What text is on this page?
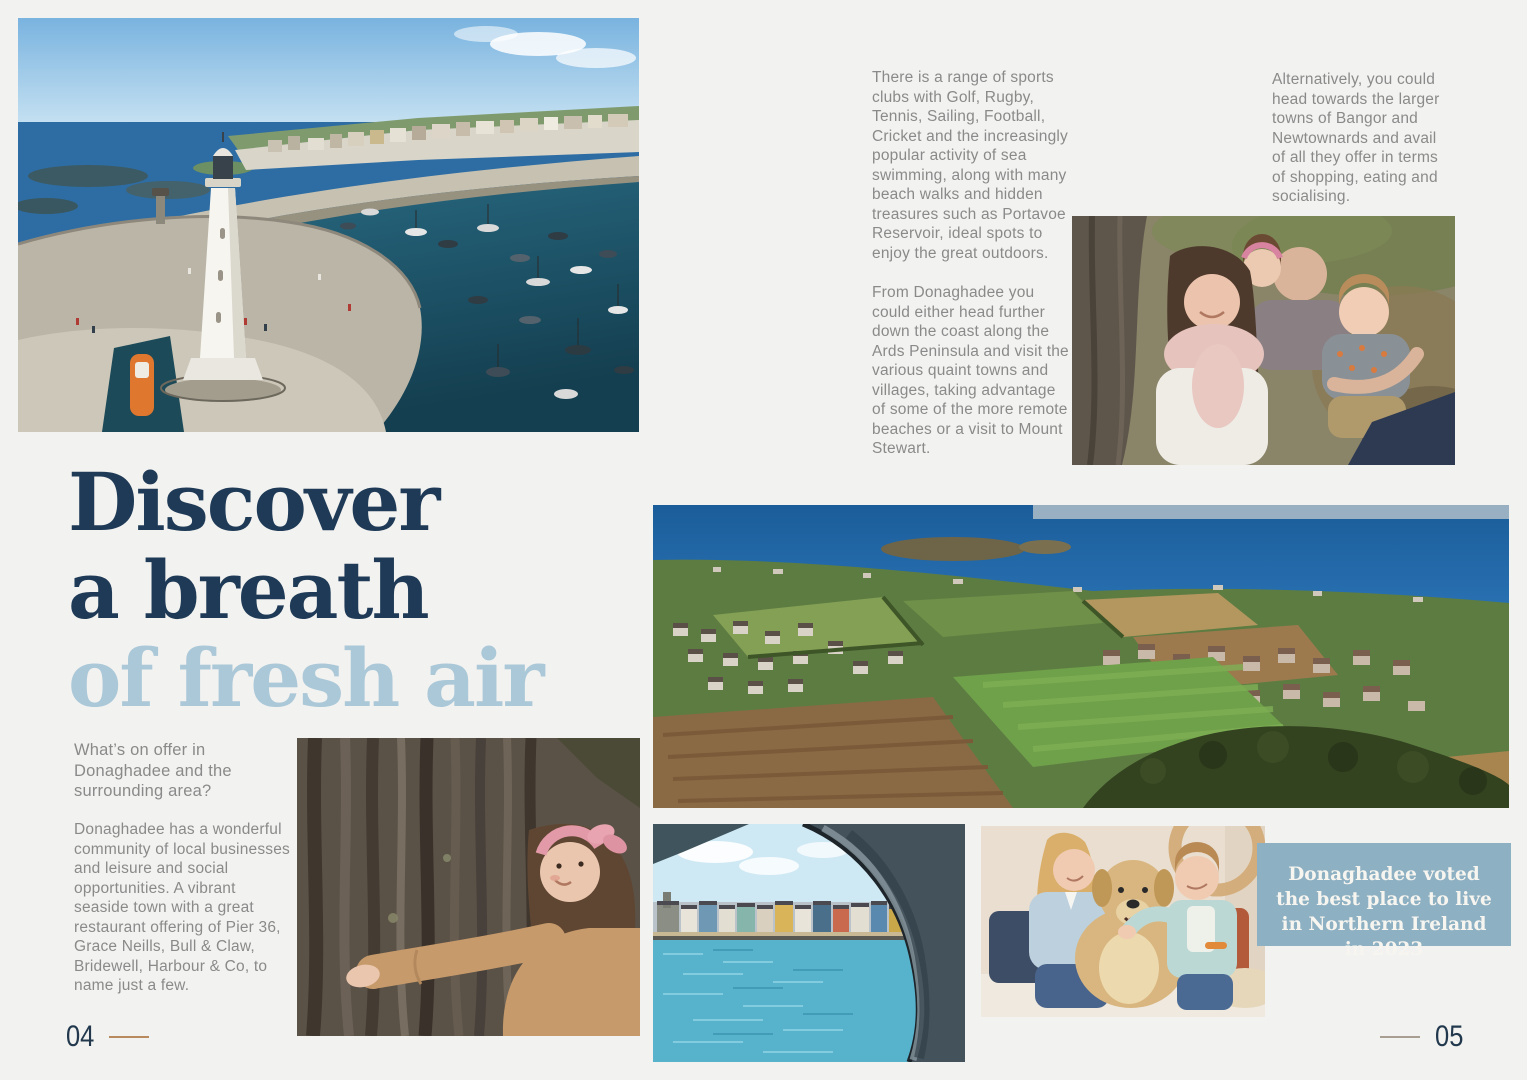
Discover
a breath
of fresh air
What’s on offer in Donaghadee and the surrounding area?
Donaghadee has a wonderful community of local businesses and leisure and social opportunities. A vibrant seaside town with a great restaurant offering of Pier 36, Grace Neills, Bull & Claw, Bridewell, Harbour & Co, to name just a few.

There is a range of sports clubs with Golf, Rugby, Tennis, Sailing, Football, Cricket and the increasingly popular activity of sea swimming, along with many beach walks and hidden treasures such as Portavoe Reservoir, ideal spots to enjoy the great outdoors.

From Donaghadee you could either head further down the coast along the Ards Peninsula and visit the various quaint towns and villages, taking advantage of some of the more remote beaches or a visit to Mount Stewart.

Alternatively, you could head towards the larger towns of Bangor and Newtownards and avail of all they offer in terms of shopping, eating and socialising.

Donaghadee voted the best place to live in Northern Ireland in 2023
04	05
